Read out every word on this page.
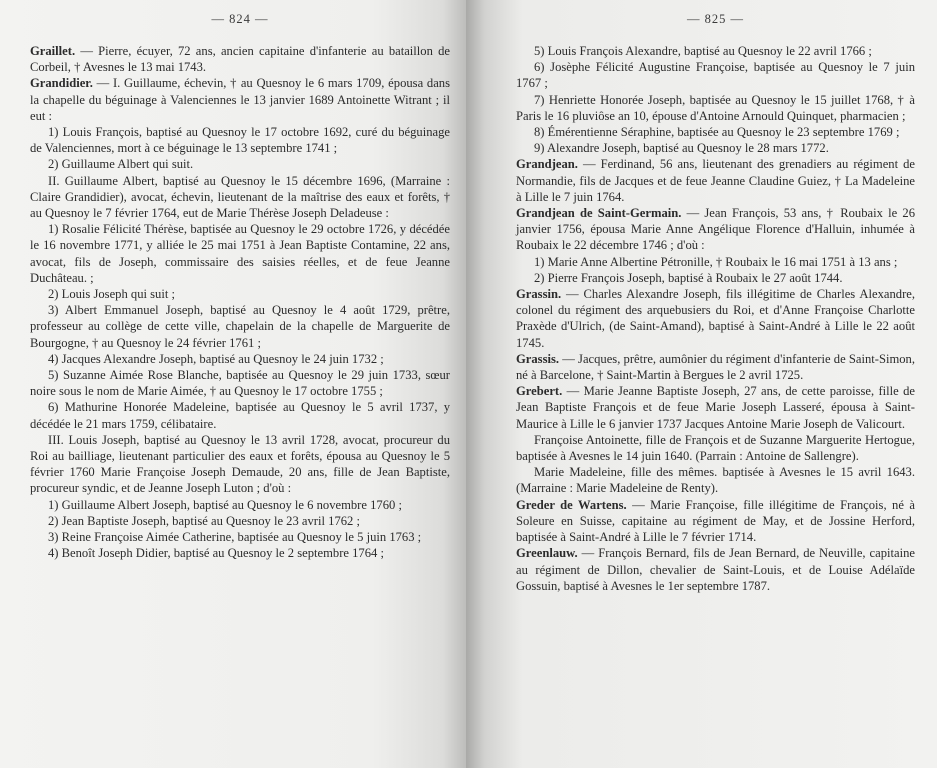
— 824 —

Graillet. — Pierre, écuyer, 72 ans, ancien capitaine d'infanterie au bataillon de Corbeil, † Avesnes le 13 mai 1743.

Grandidier. — I. Guillaume, échevin, † au Quesnoy le 6 mars 1709, épousa dans la chapelle du béguinage à Valenciennes le 13 janvier 1689 Antoinette Witrant ; il eut :

1) Louis François, baptisé au Quesnoy le 17 octobre 1692, curé du béguinage de Valenciennes, mort à ce béguinage le 13 septembre 1741 ;

2) Guillaume Albert qui suit.

II. Guillaume Albert, baptisé au Quesnoy le 15 décembre 1696, (Marraine : Claire Grandidier), avocat, échevin, lieutenant de la maîtrise des eaux et forêts, † au Quesnoy le 7 février 1764, eut de Marie Thérèse Joseph Deladeuse :

1) Rosalie Félicité Thérèse, baptisée au Quesnoy le 29 octobre 1726, y décédée le 16 novembre 1771, y alliée le 25 mai 1751 à Jean Baptiste Contamine, 22 ans, avocat, fils de Joseph, commissaire des saisies réelles, et de feue Jeanne Duchâteau. ;

2) Louis Joseph qui suit ;

3) Albert Emmanuel Joseph, baptisé au Quesnoy le 4 août 1729, prêtre, professeur au collège de cette ville, chapelain de la chapelle de Marguerite de Bourgogne, † au Quesnoy le 24 février 1761 ;

4) Jacques Alexandre Joseph, baptisé au Quesnoy le 24 juin 1732 ;

5) Suzanne Aimée Rose Blanche, baptisée au Quesnoy le 29 juin 1733, sœur noire sous le nom de Marie Aimée, † au Quesnoy le 17 octobre 1755 ;

6) Mathurine Honorée Madeleine, baptisée au Quesnoy le 5 avril 1737, y décédée le 21 mars 1759, célibataire.

III. Louis Joseph, baptisé au Quesnoy le 13 avril 1728, avocat, procureur du Roi au bailliage, lieutenant particulier des eaux et forêts, épousa au Quesnoy le 5 février 1760 Marie Françoise Joseph Demaude, 20 ans, fille de Jean Baptiste, procureur syndic, et de Jeanne Joseph Luton ; d'où :

1) Guillaume Albert Joseph, baptisé au Quesnoy le 6 novembre 1760 ;

2) Jean Baptiste Joseph, baptisé au Quesnoy le 23 avril 1762 ;

3) Reine Françoise Aimée Catherine, baptisée au Quesnoy le 5 juin 1763 ;

4) Benoît Joseph Didier, baptisé au Quesnoy le 2 septembre 1764 ;

— 825 —

5) Louis François Alexandre, baptisé au Quesnoy le 22 avril 1766 ;

6) Josèphe Félicité Augustine Françoise, baptisée au Quesnoy le 7 juin 1767 ;

7) Henriette Honorée Joseph, baptisée au Quesnoy le 15 juillet 1768, † à Paris le 16 pluviôse an 10, épouse d'Antoine Arnould Quinquet, pharmacien ;

8) Émérentienne Séraphine, baptisée au Quesnoy le 23 septembre 1769 ;

9) Alexandre Joseph, baptisé au Quesnoy le 28 mars 1772.

Grandjean. — Ferdinand, 56 ans, lieutenant des grenadiers au régiment de Normandie, fils de Jacques et de feue Jeanne Claudine Guiez, † La Madeleine à Lille le 7 juin 1764.

Grandjean de Saint-Germain. — Jean François, 53 ans, † Roubaix le 26 janvier 1756, épousa Marie Anne Angélique Florence d'Halluin, inhumée à Roubaix le 22 décembre 1746 ; d'où :

1) Marie Anne Albertine Pétronille, † Roubaix le 16 mai 1751 à 13 ans ;

2) Pierre François Joseph, baptisé à Roubaix le 27 août 1744.

Grassin. — Charles Alexandre Joseph, fils illégitime de Charles Alexandre, colonel du régiment des arquebusiers du Roi, et d'Anne Françoise Charlotte Praxède d'Ulrich, (de Saint-Amand), baptisé à Saint-André à Lille le 22 août 1745.

Grassis. — Jacques, prêtre, aumônier du régiment d'infanterie de Saint-Simon, né à Barcelone, † Saint-Martin à Bergues le 2 avril 1725.

Grebert. — Marie Jeanne Baptiste Joseph, 27 ans, de cette paroisse, fille de Jean Baptiste François et de feue Marie Joseph Lasseré, épousa à Saint-Maurice à Lille le 6 janvier 1737 Jacques Antoine Marie Joseph de Valicourt.

Françoise Antoinette, fille de François et de Suzanne Marguerite Hertogue, baptisée à Avesnes le 14 juin 1640. (Parrain : Antoine de Sallengre).

Marie Madeleine, fille des mêmes. baptisée à Avesnes le 15 avril 1643. (Marraine : Marie Madeleine de Renty).

Greder de Wartens. — Marie Françoise, fille illégitime de François, né à Soleure en Suisse, capitaine au régiment de May, et de Jossine Herford, baptisée à Saint-André à Lille le 7 février 1714.

Greenlauw. — François Bernard, fils de Jean Bernard, de Neuville, capitaine au régiment de Dillon, chevalier de Saint-Louis, et de Louise Adélaïde Gossuin, baptisé à Avesnes le 1er septembre 1787.
